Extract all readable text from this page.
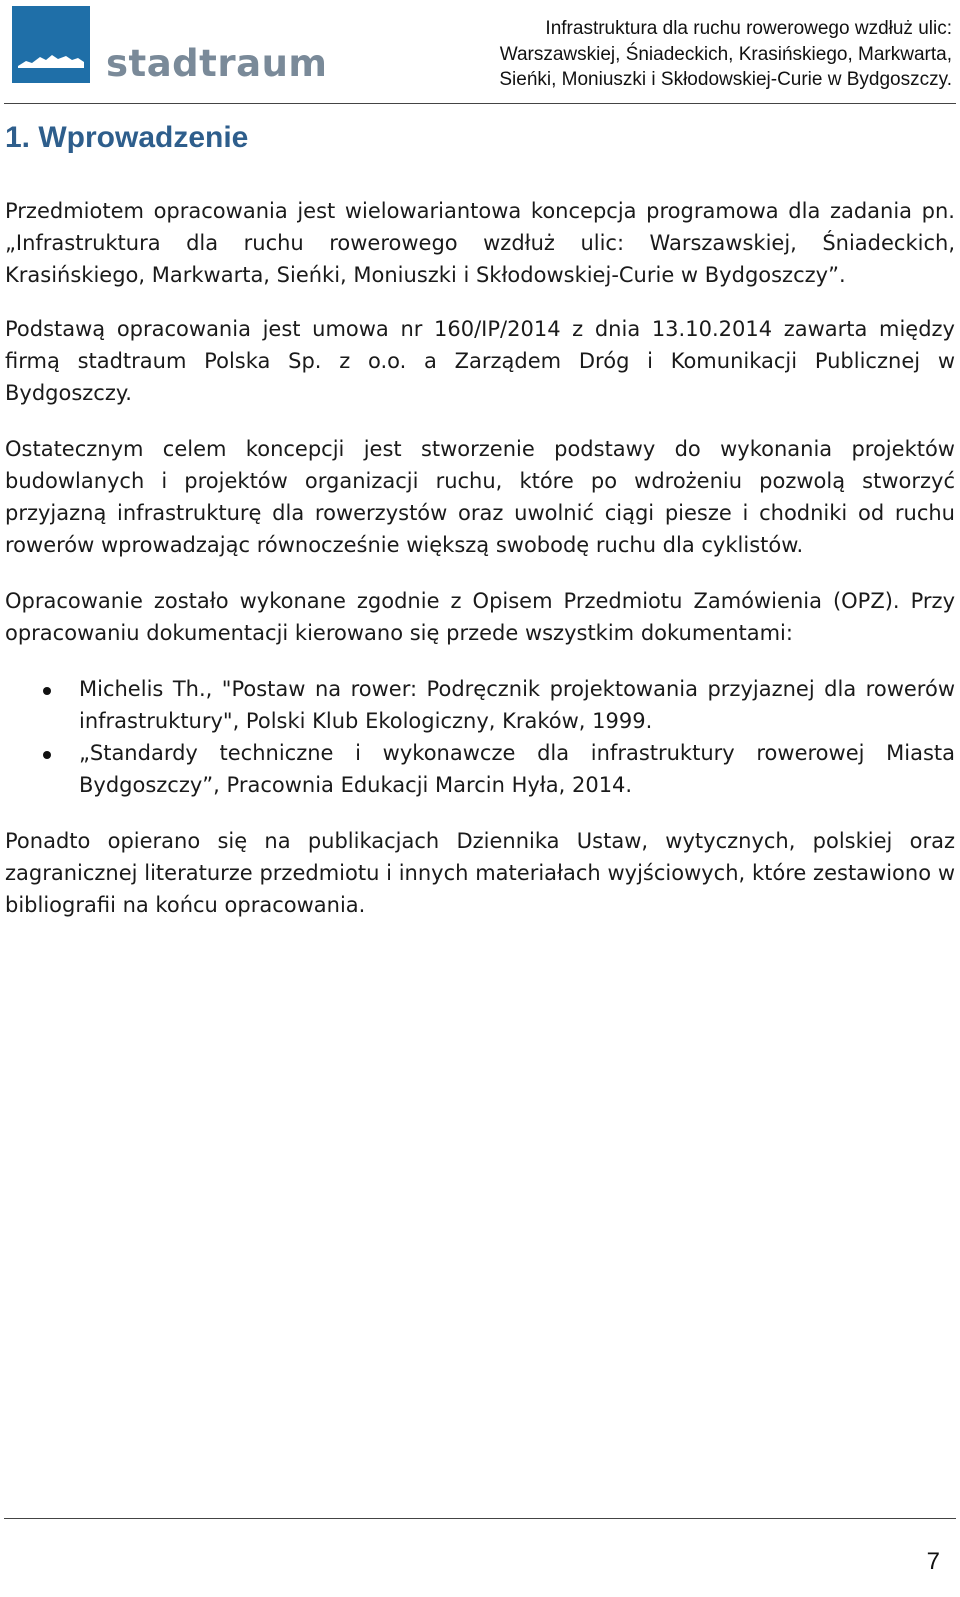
stadtraum
Infrastruktura dla ruchu rowerowego wzdłuż ulic:
Warszawskiej, Śniadeckich, Krasińskiego, Markwarta,
Sieńki, Moniuszki i Skłodowskiej-Curie w Bydgoszczy.
1. Wprowadzenie

Przedmiotem opracowania jest wielowariantowa koncepcja programowa dla zadania pn. „Infrastruktura dla ruchu rowerowego wzdłuż ulic: Warszawskiej, Śniadeckich, Krasińskiego, Markwarta, Sieńki, Moniuszki i Skłodowskiej-Curie w Bydgoszczy”.

Podstawą opracowania jest umowa nr 160/IP/2014 z dnia 13.10.2014 zawarta między firmą stadtraum Polska Sp. z o.o. a Zarządem Dróg i Komunikacji Publicznej w Bydgoszczy.

Ostatecznym celem koncepcji jest stworzenie podstawy do wykonania projektów budowlanych i projektów organizacji ruchu, które po wdrożeniu pozwolą stworzyć przyjazną infrastrukturę dla rowerzystów oraz uwolnić ciągi piesze i chodniki od ruchu rowerów wprowadzając równocześnie większą swobodę ruchu dla cyklistów.

Opracowanie zostało wykonane zgodnie z Opisem Przedmiotu Zamówienia (OPZ). Przy opracowaniu dokumentacji kierowano się przede wszystkim dokumentami:

Michelis Th., "Postaw na rower: Podręcznik projektowania przyjaznej dla rowerów infrastruktury", Polski Klub Ekologiczny, Kraków, 1999.
„Standardy techniczne i wykonawcze dla infrastruktury rowerowej Miasta Bydgoszczy”, Pracownia Edukacji Marcin Hyła, 2014.

Ponadto opierano się na publikacjach Dziennika Ustaw, wytycznych, polskiej oraz zagranicznej literaturze przedmiotu i innych materiałach wyjściowych, które zestawiono w bibliografii na końcu opracowania.

7
